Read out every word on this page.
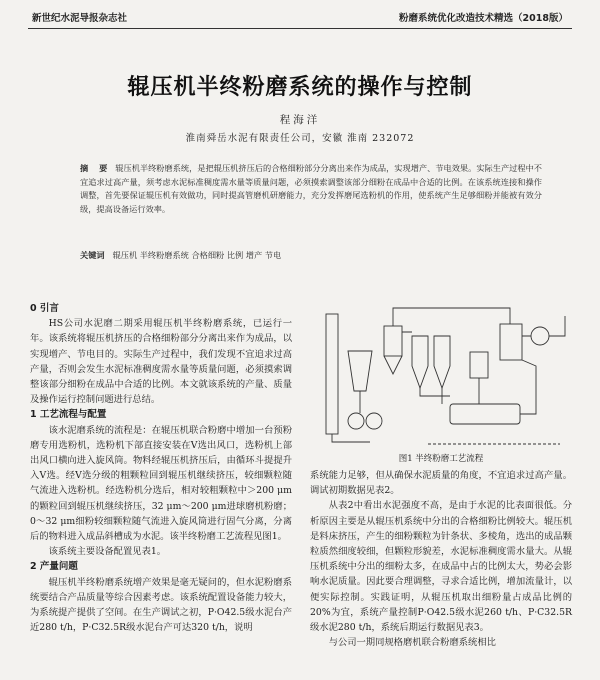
新世纪水泥导报杂志社	粉磨系统优化改造技术精选（2018版）
辊压机半终粉磨系统的操作与控制
程海洋
淮南舜岳水泥有限责任公司，安徽 淮南 232072
摘 要 辊压机半终粉磨系统，是把辊压机挤压后的合格细粉部分分离出来作为成品，实现增产、节电效果。实际生产过程中不宜追求过高产量，须考虑水泥标准稠度需水量等质量问题，必须摸索调整该部分细粉在成品中合适的比例。在该系统连接和操作调整，首先要保证辊压机有效做功，同时提高管磨机研磨能力，充分发挥磨尾选粉机的作用，使系统产生足够细粉并能被有效分级，提高设备运行效率。
关键词 辊压机 半终粉磨系统 合格细粉 比例 增产 节电
0 引言

HS公司水泥磨二期采用辊压机半终粉磨系统，已运行一年。该系统将辊压机挤压的合格细粉部分分离出来作为成品，以实现增产、节电目的。实际生产过程中，我们发现不宜追求过高产量，否则会发生水泥标准稠度需水量等质量问题，必须摸索调整该部分细粉在成品中合适的比例。本文就该系统的产量、质量及操作运行控制问题进行总结。

1 工艺流程与配置

该水泥磨系统的流程是：在辊压机联合粉磨中增加一台预粉磨专用选粉机，选粉机下部直接安装在V选出风口，选粉机上部出风口横向进入旋风筒。物料经辊压机挤压后，由循环斗提提升入V选。经V选分级的粗颗粒回到辊压机继续挤压，较细颗粒随气流进入选粉机。经选粉机分选后，相对较粗颗粒中＞200 μm的颗粒回到辊压机继续挤压，32 μm～200 μm进球磨机粉磨；0～32 μm细粉较细颗粒随气流进入旋风筒进行固气分离，分离后的物料进入成品斜槽成为水泥。该半终粉磨工艺流程见图1。

该系统主要设备配置见表1。

2 产量问题

辊压机半终粉磨系统增产效果是毫无疑问的，但水泥粉磨系统要结合产品质量等综合因素考虑。该系统配置设备能力较大，为系统提产提供了空间。在生产调试之初，P·O42.5级水泥台产近280 t/h，P·C32.5R级水泥台产可达320 t/h，说明

图1 半终粉磨工艺流程

系统能力足够，但从确保水泥质量的角度，不宜追求过高产量。调试初期数据见表2。

从表2中看出水泥强度不高，是由于水泥的比表面很低。分析原因主要是从辊压机系统中分出的合格细粉比例较大。辊压机是料床挤压，产生的细粉颗粒为针条状、多棱角，选出的成品颗粒质然细度较细，但颗粒形貌差，水泥标准稠度需水量大。从辊压机系统中分出的细粉太多，在成品中占的比例太大，势必会影响水泥质量。因此要合理调整，寻求合适比例，增加流量计，以便实际控制。实践证明，从辊压机取出细粉量占成品比例的20%为宜，系统产量控制P·O42.5级水泥260 t/h、P·C32.5R级水泥280 t/h，系统后期运行数据见表3。

与公司一期同规格磨机联合粉磨系统相比
